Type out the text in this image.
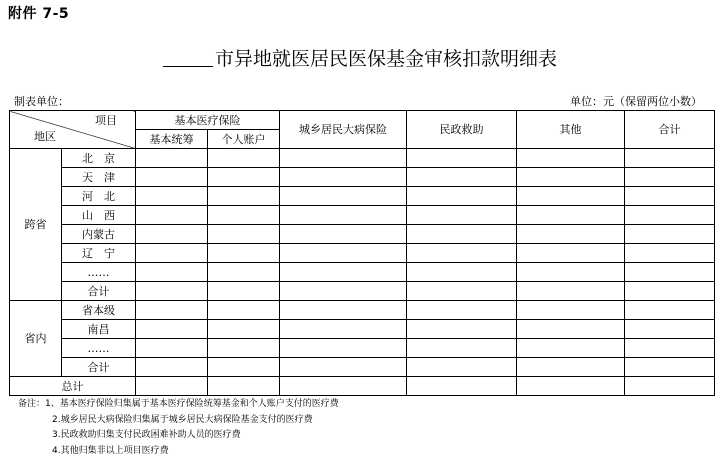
附件 7-5
市异地就医居民医保基金审核扣款明细表
制表单位：	单位：元（保留两位小数）
项目
地区		基本医疗保险		城乡居民大病保险	民政救助	其他	合计
		基本统筹	个人账户				
跨省	北　京						
	天　津						
	河　北						
	山　西						
	内蒙古						
	辽　宁						
	……						
	合计						
省内	省本级						
	南昌						
	……						
	合计						
总计							
备注：1、基本医疗保险归集属于基本医疗保险统筹基金和个人账户支付的医疗费
2.城乡居民大病保险归集属于城乡居民大病保险基金支付的医疗费
3.民政救助归集支付民政困难补助人员的医疗费
4.其他归集非以上项目医疗费
